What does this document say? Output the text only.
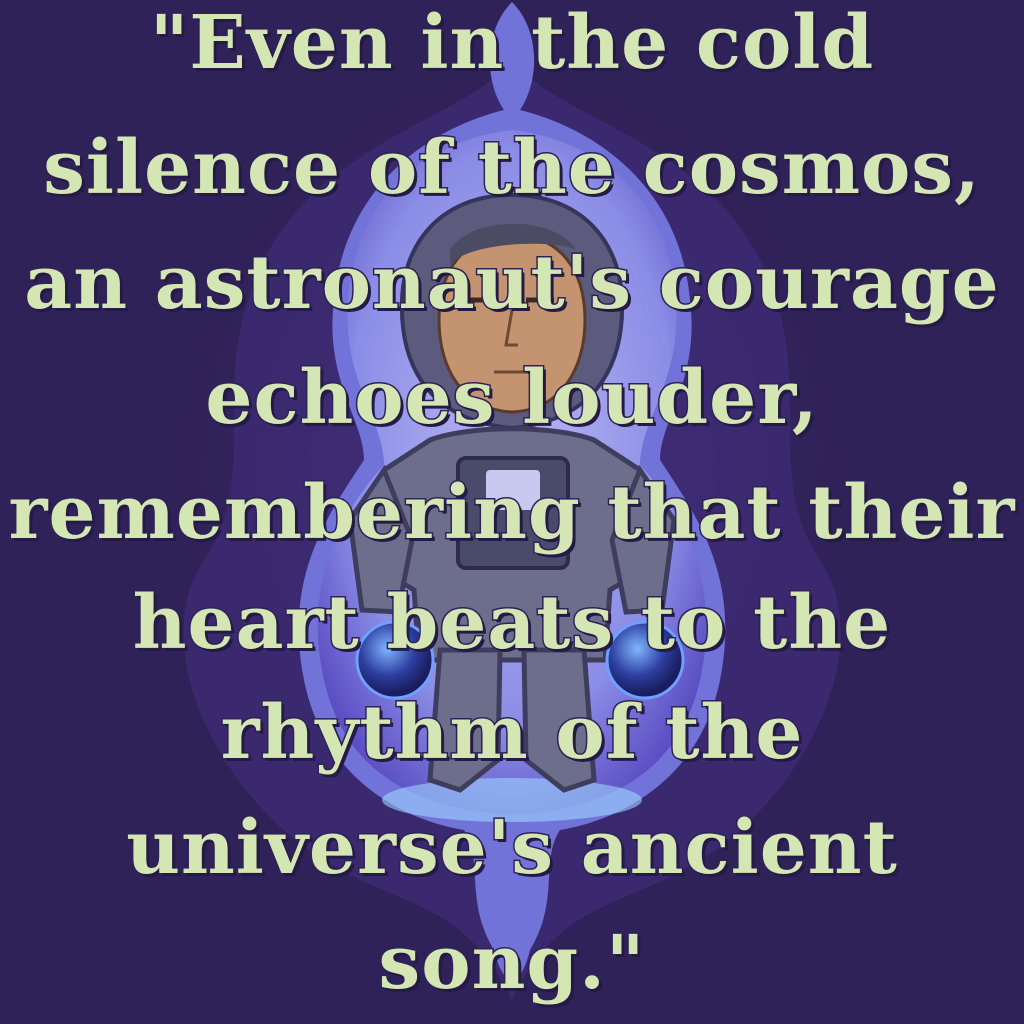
"Even in the cold
silence of the cosmos,
an astronaut's courage
echoes louder,
remembering that their
heart beats to the
rhythm of the
universe's ancient
song."
